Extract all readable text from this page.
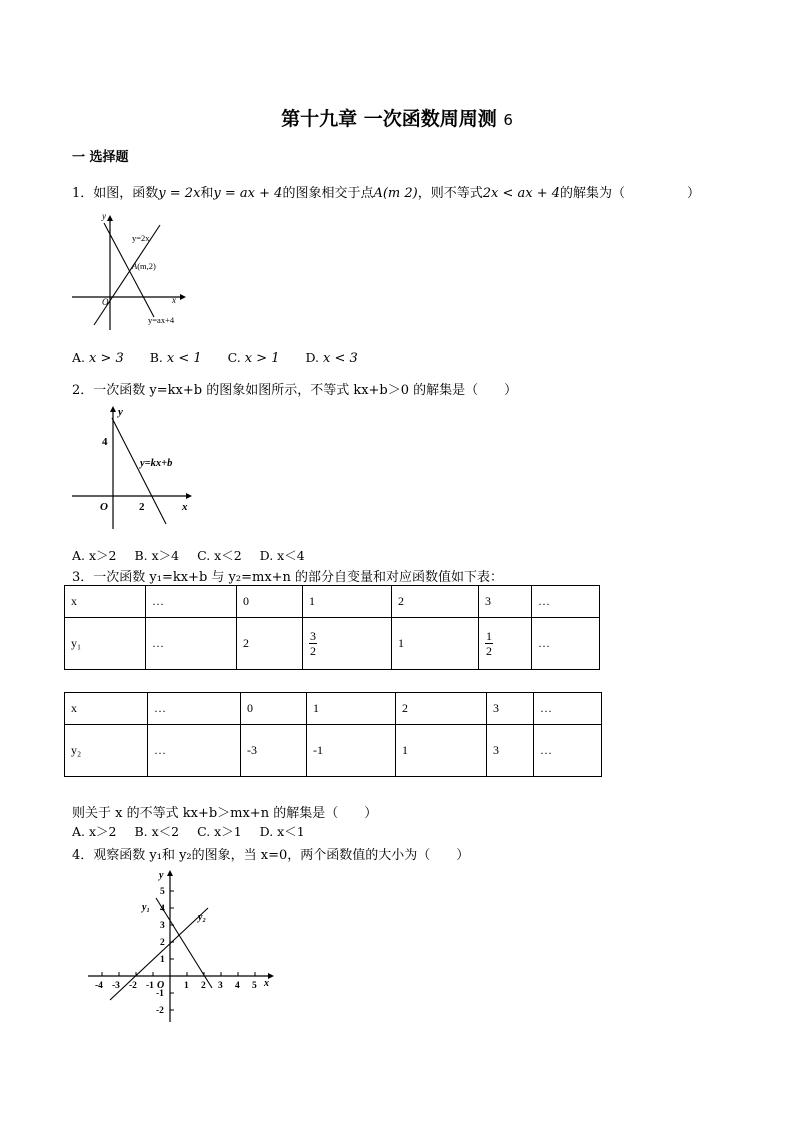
第十九章 一次函数周周测 6
一 选择题
1．如图，函数y = 2x和y = ax + 4的图象相交于点A(m 2)，则不等式2x < ax + 4的解集为（	）
y
x
O
y=2x
A(m,2)
y=ax+4
A. x > 3 B. x < 1 C. x > 1 D. x < 3
2．一次函数 y=kx+b 的图象如图所示，不等式 kx+b＞0 的解集是（　　）
y
x
O
4
2
y=kx+b
A. x＞2 B. x＞4 C. x＜2 D. x＜4
3．一次函数 y₁=kx+b 与 y₂=mx+n 的部分自变量和对应函数值如下表：
x	…	0	1	2	3	…
y₁	…	2	$\frac{3}{2}$	1	$\frac{1}{2}$	…
x	…	0	1	2	3	…
y₂	…	-3	-1	1	3	…
则关于 x 的不等式 kx+b＞mx+n 的解集是（　　）
A. x＞2 B. x＜2 C. x＞1 D. x＜1
4．观察函数 y₁和 y₂的图象，当 x=0，两个函数值的大小为（　　）
y
x
O
y₁
y₂
-4 -3 -2 -1	1 2 3 4 5
5
4
3
2
1
-1
-2
